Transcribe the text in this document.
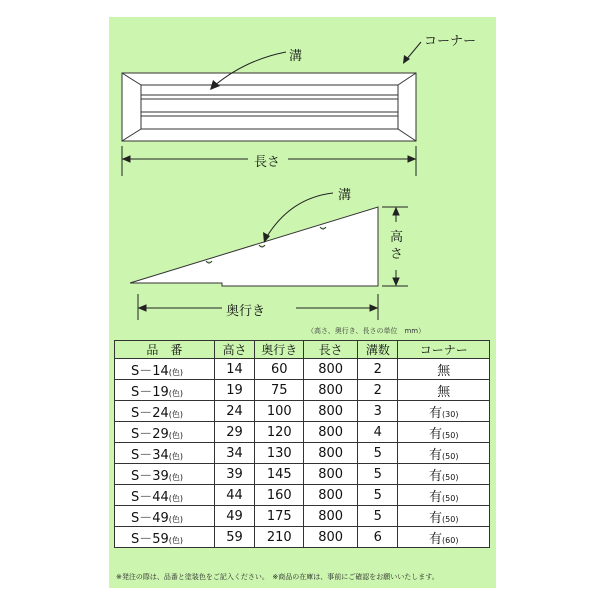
溝
コーナー
長さ
溝
高さ
奥行き
（高さ、奥行き、長さの単位　mm）
品　番	高さ	奥行き	長さ	溝数	コーナー
S－14(色)	14	60	800	2	無
S－19(色)	19	75	800	2	無
S－24(色)	24	100	800	3	有(30)
S－29(色)	29	120	800	4	有(50)
S－34(色)	34	130	800	5	有(50)
S－39(色)	39	145	800	5	有(50)
S－44(色)	44	160	800	5	有(50)
S－49(色)	49	175	800	5	有(50)
S－59(色)	59	210	800	6	有(60)
※発注の際は、品番と塗装色をご記入ください。　※商品の在庫は、事前にご確認をお願いいたします。
